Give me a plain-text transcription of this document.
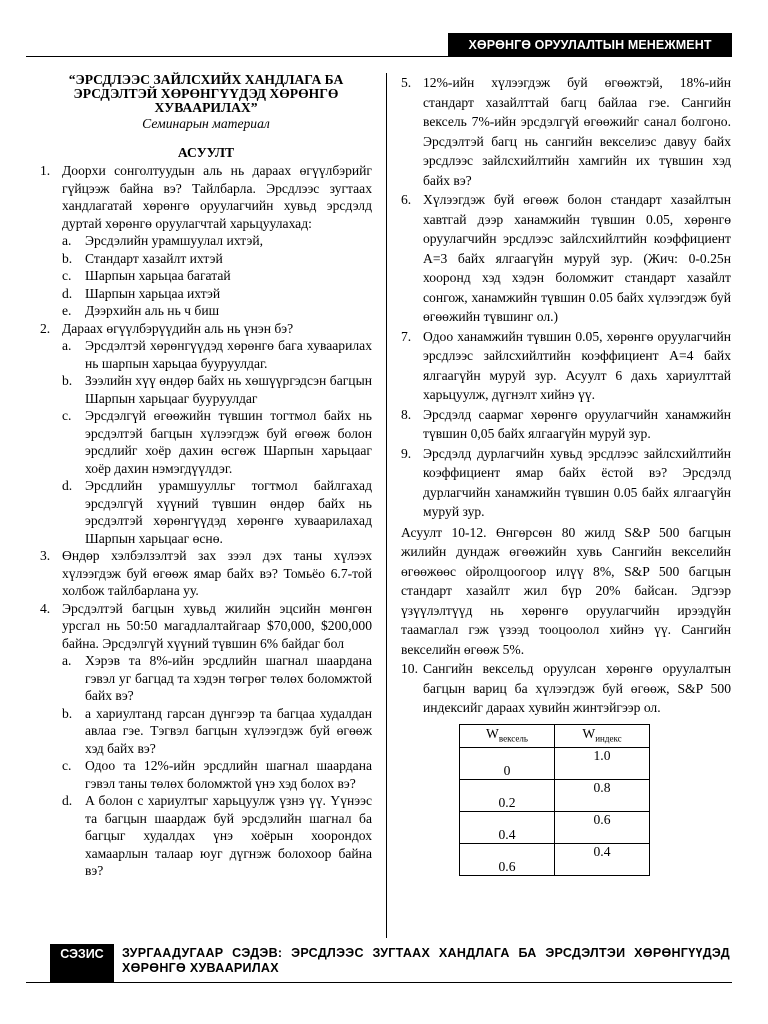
ХӨРӨНГӨ ОРУУЛАЛТЫН МЕНЕЖМЕНТ
“ЭРСДЛЭЭС ЗАЙЛСХИЙХ ХАНДЛАГА БА ЭРСДЭЛТЭЙ ХӨРӨНГҮҮДЭД ХӨРӨНГӨ ХУВААРИЛАХ”
Семинарын материал
АСУУЛТ
1. Доорхи сонголтуудын аль нь дараах өгүүлбэрийг гүйцээж байна вэ? Тайлбарла. Эрсдлээс зугтаах хандлагатай хөрөнгө оруулагчийн хувьд эрсдэлд дуртай хөрөнгө оруулагчтай харьцуулахад:
a. Эрсдэлийн урамшуулал ихтэй,
b. Стандарт хазайлт ихтэй
c. Шарпын харьцаа багатай
d. Шарпын харьцаа ихтэй
e. Дээрхийн аль нь ч биш
2. Дараах өгүүлбэрүүдийн аль нь үнэн бэ?
a. Эрсдэлтэй хөрөнгүүдэд хөрөнгө бага хуваарилах нь шарпын харьцаа бууруулдаг.
b. Зээлийн хүү өндөр байх нь хөшүүргэдсэн багцын Шарпын харьцааг бууруулдаг
c. Эрсдэлгүй өгөөжийн түвшин тогтмол байх нь эрсдэлтэй багцын хүлээгдэж буй өгөөж болон эрсдлийг хоёр дахин өсгөж Шарпын харьцааг хоёр дахин нэмэгдүүлдэг.
d. Эрсдлийн урамшуулльг тогтмол байлгахад эрсдэлгүй хүүний түвшин өндөр байх нь эрсдэлтэй хөрөнгүүдэд хөрөнгө хуваарилахад Шарпын харьцааг өснө.
3. Өндөр хэлбэлзэлтэй зах зээл дэх таны хүлээх хүлээгдэж буй өгөөж ямар байх вэ? Томьёо 6.7-той холбож тайлбарлана уу.
4. Эрсдэлтэй багцын хувьд жилийн эцсийн мөнгөн урсгал нь 50:50 магадлалтайгаар $70,000, $200,000 байна. Эрсдэлгүй хүүний түвшин 6% байдаг бол
a. Хэрэв та 8%-ийн эрсдлийн шагнал шаардана гэвэл уг багцад та хэдэн төгрөг төлөх боломжтой байх вэ?
b. a хариултанд гарсан дүнгээр та багцаа худалдан авлаа гэе. Тэгвэл багцын хүлээгдэж буй өгөөж хэд байх вэ?
c. Одоо та 12%-ийн эрсдлийн шагнал шаардана гэвэл таны төлөх боломжтой үнэ хэд болох вэ?
d. A болон c хариултыг харьцуулж үзнэ үү. Үүнээс та багцын шаардаж буй эрсдэлийн шагнал ба багцыг худалдах үнэ хоёрын хоорондох хамаарлын талаар юуг дүгнэж болохоор байна вэ?
5. 12%-ийн хүлээгдэж буй өгөөжтэй, 18%-ийн стандарт хазайлттай багц байлаа гэе. Сангийн вексель 7%-ийн эрсдэлгүй өгөөжийг санал болгоно. Эрсдэлтэй багц нь сангийн векселиэс давуу байх эрсдлээс зайлсхийлтийн хамгийн их түвшин хэд байх вэ?
6. Хүлээгдэж буй өгөөж болон стандарт хазайлтын хавтгай дээр ханамжийн түвшин 0.05, хөрөнгө оруулагчийн эрсдлээс зайлсхийлтийн коэффициент A=3 байх ялгаагүйн муруй зур. (Жич: 0-0.25н хооронд хэд хэдэн боломжит стандарт хазайлт сонгож, ханамжийн түвшин 0.05 байх хүлээгдэж буй өгөөжийн түвшинг ол.)
7. Одоо ханамжийн түвшин 0.05, хөрөнгө оруулагчийн эрсдлээс зайлсхийлтийн коэффициент A=4 байх ялгаагүйн муруй зур. Асуулт 6 дахь хариулттай харьцуулж, дүгнэлт хийнэ үү.
8. Эрсдэлд саармаг хөрөнгө оруулагчийн ханамжийн түвшин 0,05 байх ялгаагүйн муруй зур.
9. Эрсдэлд дурлагчийн хувьд эрсдлээс зайлсхийлтийн коэффициент ямар байх ёстой вэ? Эрсдэлд дурлагчийн ханамжийн түвшин 0.05 байх ялгаагүйн муруй зур.
Асуулт 10-12. Өнгөрсөн 80 жилд S&P 500 багцын жилийн дундаж өгөөжийн хувь Сангийн векселийн өгөөжөөс ойролцоогоор илүү 8%, S&P 500 багцын стандарт хазайлт жил бүр 20% байсан. Эдгээр үзүүлэлтүүд нь хөрөнгө оруулагчийн ирээдүйн таамаглал гэж үзээд тооцоолол хийнэ үү. Сангийн векселийн өгөөж 5%.
10. Сангийн вексельд оруулсан хөрөнгө оруулалтын багцын вариц ба хүлээгдэж буй өгөөж, S&P 500 индексийг дараах хувийн жинтэйгээр ол.
$W_{вексель}$	$W_{индекс}$
0	1.0
0.2	0.8
0.4	0.6
0.6	0.4
СЭЗИС	ЗУРГААДУГААР СЭДЭВ: ЭРСДЛЭЭС ЗУГТААХ ХАНДЛАГА БА ЭРСДЭЛТЭИ ХӨРӨНГҮҮДЭД ХӨРӨНГӨ ХУВААРИЛАХ
